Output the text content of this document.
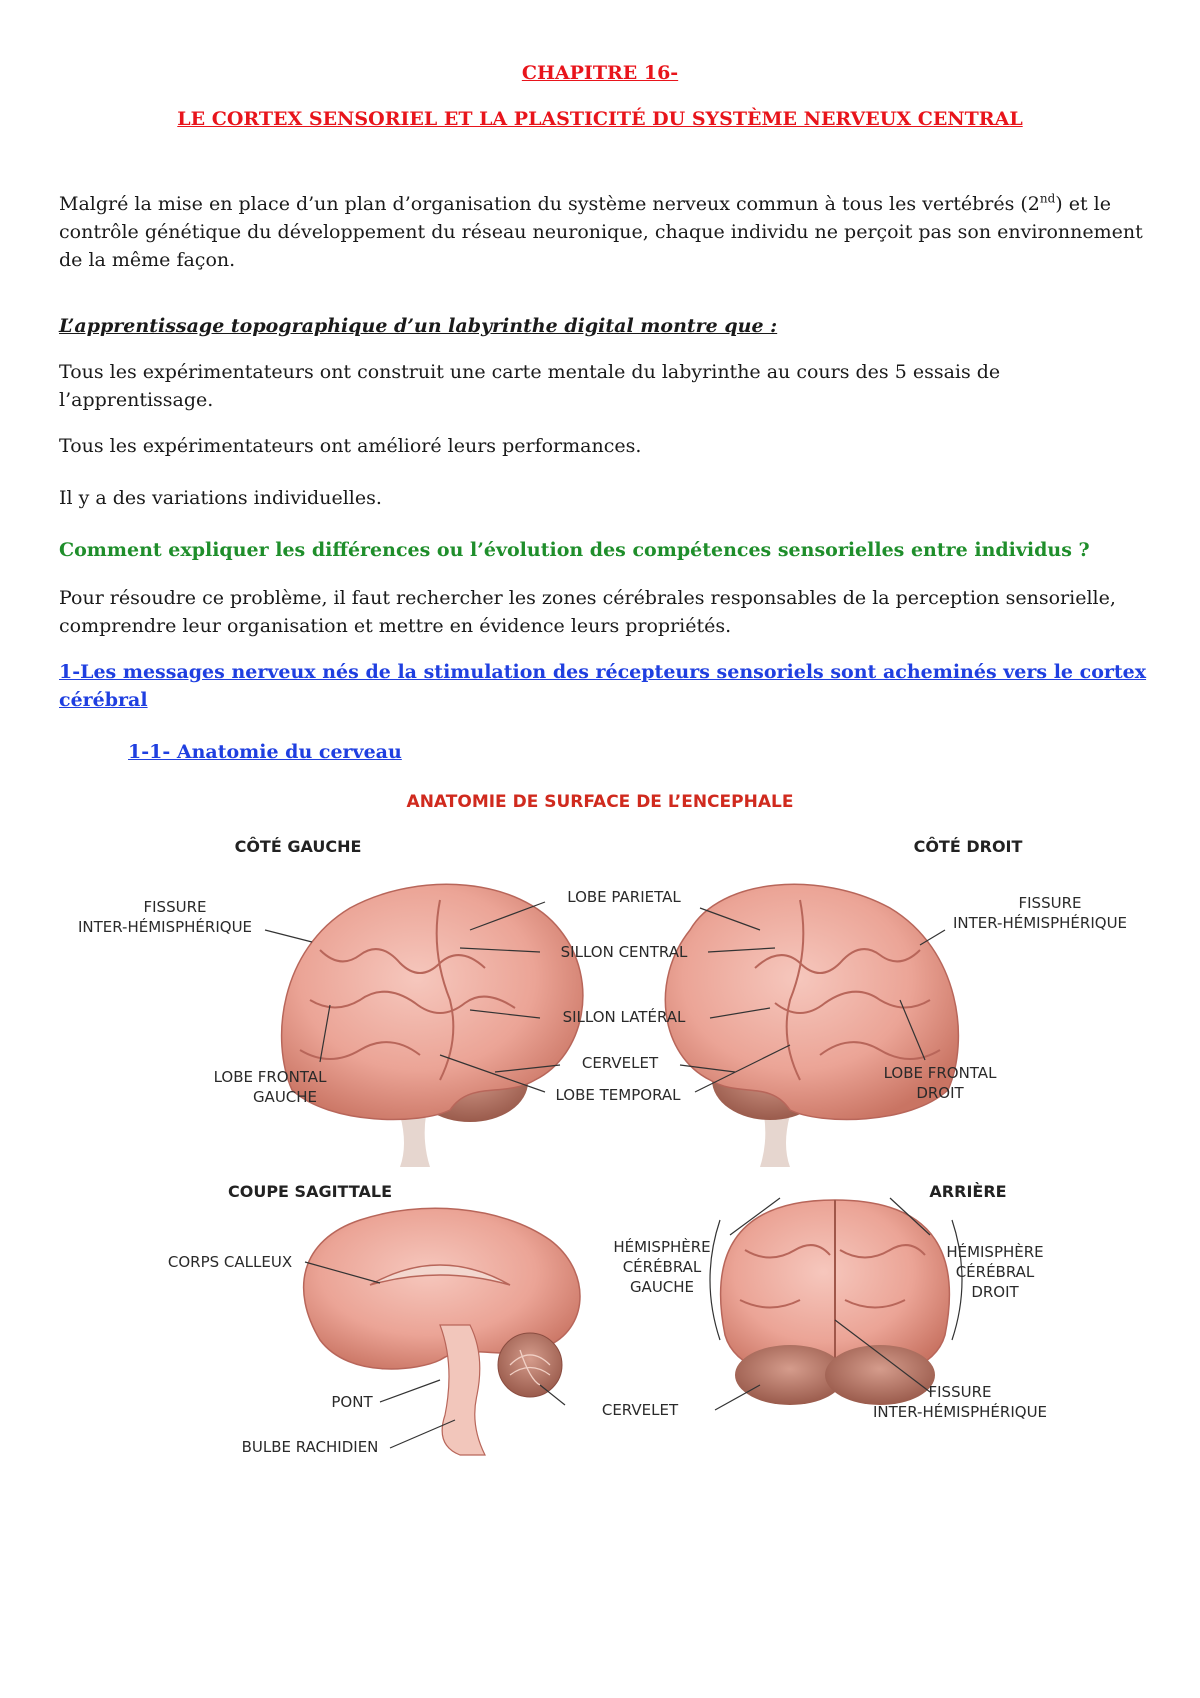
CHAPITRE 16-
LE CORTEX SENSORIEL ET LA PLASTICITÉ DU SYSTÈME NERVEUX CENTRAL

Malgré la mise en place d’un plan d’organisation du système nerveux commun à tous les vertébrés (2nd) et le contrôle génétique du développement du réseau neuronique, chaque individu ne perçoit pas son environnement de la même façon.

L’apprentissage topographique d’un labyrinthe digital montre que :

Tous les expérimentateurs ont construit une carte mentale du labyrinthe au cours des 5 essais de l’apprentissage.

Tous les expérimentateurs ont amélioré leurs performances.

Il y a des variations individuelles.

Comment expliquer les différences ou l’évolution des compétences sensorielles entre individus ?

Pour résoudre ce problème, il faut rechercher les zones cérébrales responsables de la perception sensorielle, comprendre leur organisation et mettre en évidence leurs propriétés.

1-Les messages nerveux nés de la stimulation des récepteurs sensoriels sont acheminés vers le cortex cérébral

1-1- Anatomie du cerveau

ANATOMIE DE SURFACE DE L’ENCEPHALE
CÔTÉ GAUCHE	CÔTÉ DROIT
COUPE SAGITTALE	ARRIÈRE
FISSURE
INTER-HÉMISPHÉRIQUE
LOBE FRONTAL
GAUCHE
LOBE PARIETAL
SILLON CENTRAL
SILLON LATÉRAL
CERVELET
LOBE TEMPORAL
FISSURE
INTER-HÉMISPHÉRIQUE
LOBE FRONTAL
DROIT
CORPS CALLEUX
PONT
BULBE RACHIDIEN
HÉMISPHÈRE
CÉRÉBRAL
GAUCHE
HÉMISPHÈRE
CÉRÉBRAL
DROIT
CERVELET
FISSURE
INTER-HÉMISPHÉRIQUE
